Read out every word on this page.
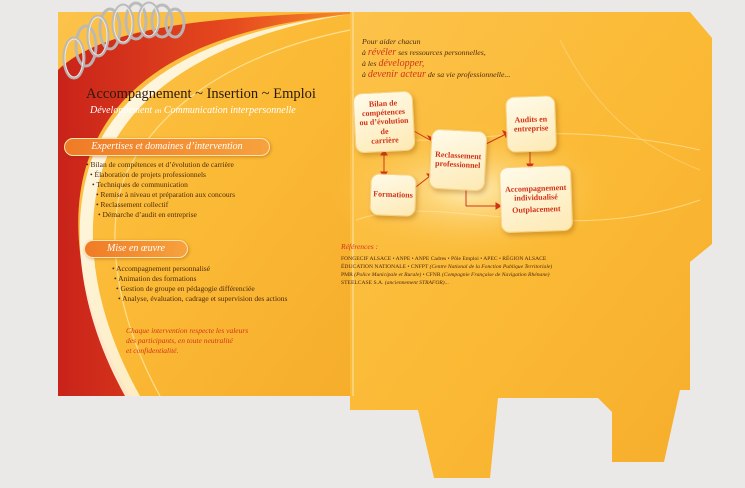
Accompagnement ~ Insertion ~ Emploi
Développement en Communication interpersonnelle
Expertises et domaines d’intervention
• Bilan de compétences et d’évolution de carrière
• Élaboration de projets professionnels
• Techniques de communication
• Remise à niveau et préparation aux concours
• Reclassement collectif
• Démarche d’audit en entreprise
Mise en œuvre
• Accompagnement personnalisé
• Animation des formations
• Gestion de groupe en pédagogie différenciée
• Analyse, évaluation, cadrage et supervision des actions
Chaque intervention respecte les valeurs
des participants, en toute neutralité
et confidentialité.
Pour aider chacun
à révéler ses ressources personnelles,
à les développer,
à devenir acteur de sa vie professionnelle...
Bilan de
compétences
ou d’évolution
de
carrière
Reclassement
professionnel
Audits en
entreprise
Formations
Accompagnement
individualisé
Outplacement
Références :
FONGECIF ALSACE • ANPE • ANPE Cadres • Pôle Emploi • APEC • RÉGION ALSACE
ÉDUCATION NATIONALE • CNFPT (Centre National de la Fonction Publique Territoriale)
PMR (Police Municipale et Rurale) • CFNR (Compagnie Française de Navigation Rhénane)
STEELCASE S.A. (anciennement STRAFOR)...
